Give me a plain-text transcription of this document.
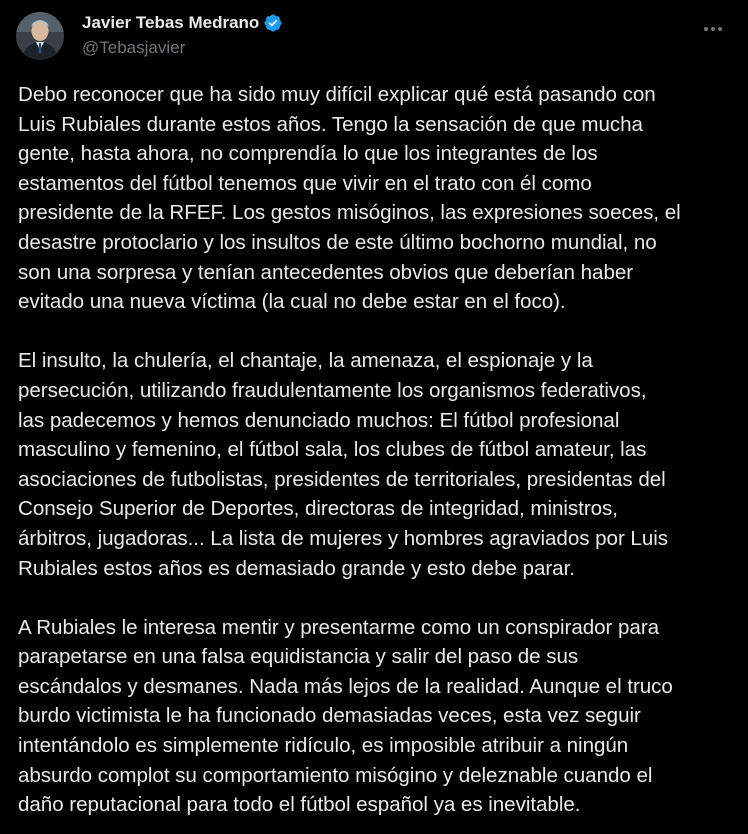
Javier Tebas Medrano
@Tebasjavier

Debo reconocer que ha sido muy difícil explicar qué está pasando con
Luis Rubiales durante estos años. Tengo la sensación de que mucha
gente, hasta ahora, no comprendía lo que los integrantes de los
estamentos del fútbol tenemos que vivir en el trato con él como
presidente de la RFEF. Los gestos misóginos, las expresiones soeces, el
desastre protoclario y los insultos de este último bochorno mundial, no
son una sorpresa y tenían antecedentes obvios que deberían haber
evitado una nueva víctima (la cual no debe estar en el foco).

El insulto, la chulería, el chantaje, la amenaza, el espionaje y la
persecución, utilizando fraudulentamente los organismos federativos,
las padecemos y hemos denunciado muchos: El fútbol profesional
masculino y femenino, el fútbol sala, los clubes de fútbol amateur, las
asociaciones de futbolistas, presidentes de territoriales, presidentas del
Consejo Superior de Deportes, directoras de integridad, ministros,
árbitros, jugadoras... La lista de mujeres y hombres agraviados por Luis
Rubiales estos años es demasiado grande y esto debe parar.

A Rubiales le interesa mentir y presentarme como un conspirador para
parapetarse en una falsa equidistancia y salir del paso de sus
escándalos y desmanes. Nada más lejos de la realidad. Aunque el truco
burdo victimista le ha funcionado demasiadas veces, esta vez seguir
intentándolo es simplemente ridículo, es imposible atribuir a ningún
absurdo complot su comportamiento misógino y deleznable cuando el
daño reputacional para todo el fútbol español ya es inevitable.
